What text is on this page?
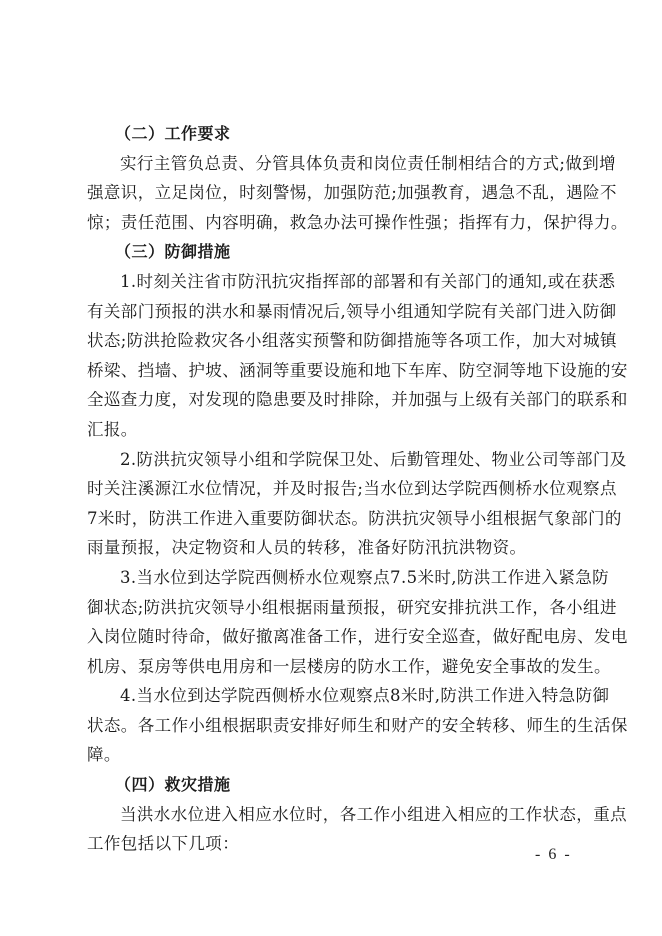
（二）工作要求
实行主管负总责、分管具体负责和岗位责任制相结合的方式;做到增
强意识，立足岗位，时刻警惕，加强防范;加强教育，遇急不乱，遇险不
惊；责任范围、内容明确，救急办法可操作性强；指挥有力，保护得力。
（三）防御措施
1.时刻关注省市防汛抗灾指挥部的部署和有关部门的通知,或在获悉
有关部门预报的洪水和暴雨情况后,领导小组通知学院有关部门进入防御
状态;防洪抢险救灾各小组落实预警和防御措施等各项工作，加大对城镇
桥梁、挡墙、护坡、涵洞等重要设施和地下车库、防空洞等地下设施的安
全巡查力度，对发现的隐患要及时排除，并加强与上级有关部门的联系和
汇报。
2.防洪抗灾领导小组和学院保卫处、后勤管理处、物业公司等部门及
时关注溪源江水位情况，并及时报告;当水位到达学院西侧桥水位观察点
7米时，防洪工作进入重要防御状态。防洪抗灾领导小组根据气象部门的
雨量预报，决定物资和人员的转移，准备好防汛抗洪物资。
3.当水位到达学院西侧桥水位观察点7.5米时,防洪工作进入紧急防
御状态;防洪抗灾领导小组根据雨量预报，研究安排抗洪工作，各小组进
入岗位随时待命，做好撤离准备工作，进行安全巡查，做好配电房、发电
机房、泵房等供电用房和一层楼房的防水工作，避免安全事故的发生。
4.当水位到达学院西侧桥水位观察点8米时,防洪工作进入特急防御
状态。各工作小组根据职责安排好师生和财产的安全转移、师生的生活保
障。
（四）救灾措施
当洪水水位进入相应水位时，各工作小组进入相应的工作状态，重点
工作包括以下几项：
- 6 -
